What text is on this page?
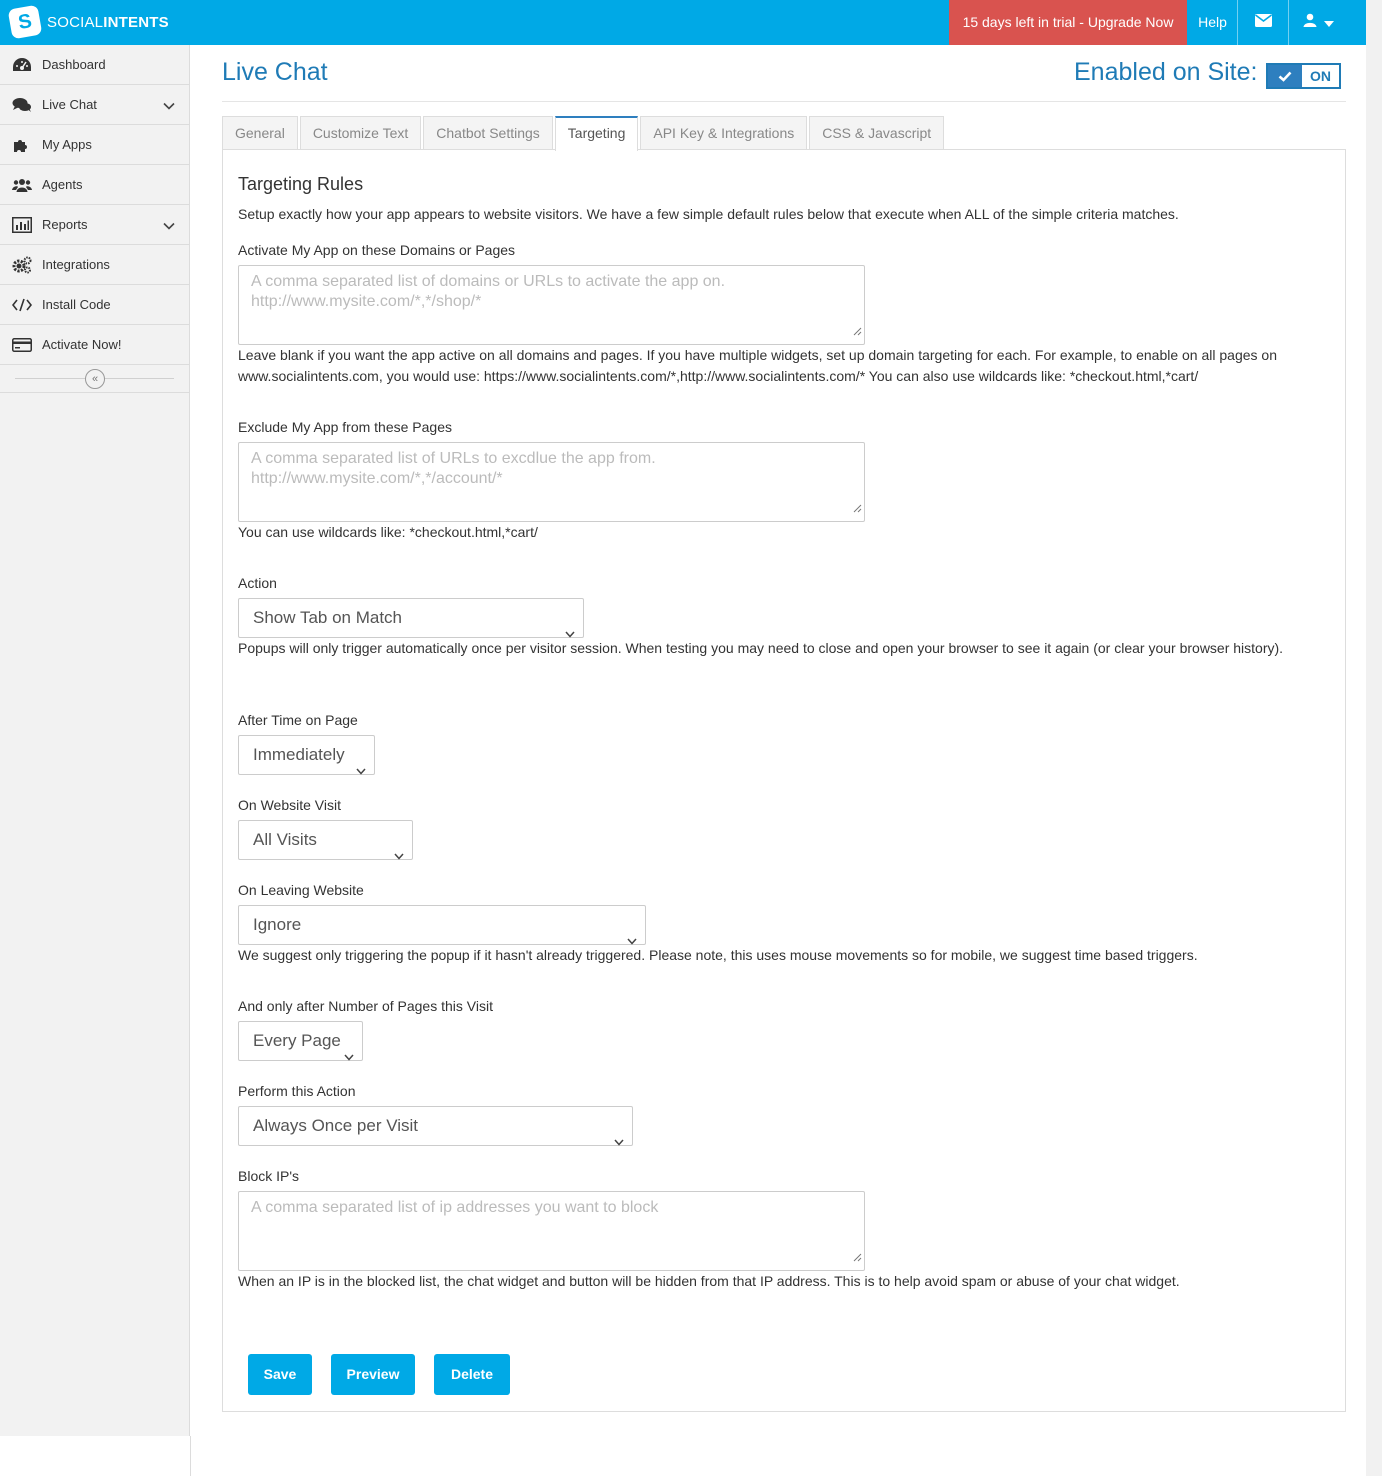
S SOCIALINTENTS	15 days left in trial - Upgrade Now	Help
Dashboard
Live Chat
My Apps
Agents
Reports
Integrations
Install Code
Activate Now!
«
Live Chat	Enabled on Site:	ON
General	Customize Text	Chatbot Settings	Targeting	API Key & Integrations	CSS & Javascript
Targeting Rules
Setup exactly how your app appears to website visitors. We have a few simple default rules below that execute when ALL of the simple criteria matches.
Activate My App on these Domains or Pages
A comma separated list of domains or URLs to activate the app on.
http://www.mysite.com/*,*/shop/*
Leave blank if you want the app active on all domains and pages. If you have multiple widgets, set up domain targeting for each. For example, to enable on all pages on www.socialintents.com, you would use: https://www.socialintents.com/*,http://www.socialintents.com/* You can also use wildcards like: *checkout.html,*cart/
Exclude My App from these Pages
A comma separated list of URLs to excdlue the app from.
http://www.mysite.com/*,*/account/*
You can use wildcards like: *checkout.html,*cart/
Action
Show Tab on Match
Popups will only trigger automatically once per visitor session. When testing you may need to close and open your browser to see it again (or clear your browser history).
After Time on Page
Immediately
On Website Visit
All Visits
On Leaving Website
Ignore
We suggest only triggering the popup if it hasn't already triggered. Please note, this uses mouse movements so for mobile, we suggest time based triggers.
And only after Number of Pages this Visit
Every Page
Perform this Action
Always Once per Visit
Block IP's
A comma separated list of ip addresses you want to block
When an IP is in the blocked list, the chat widget and button will be hidden from that IP address. This is to help avoid spam or abuse of your chat widget.
Save	Preview	Delete
